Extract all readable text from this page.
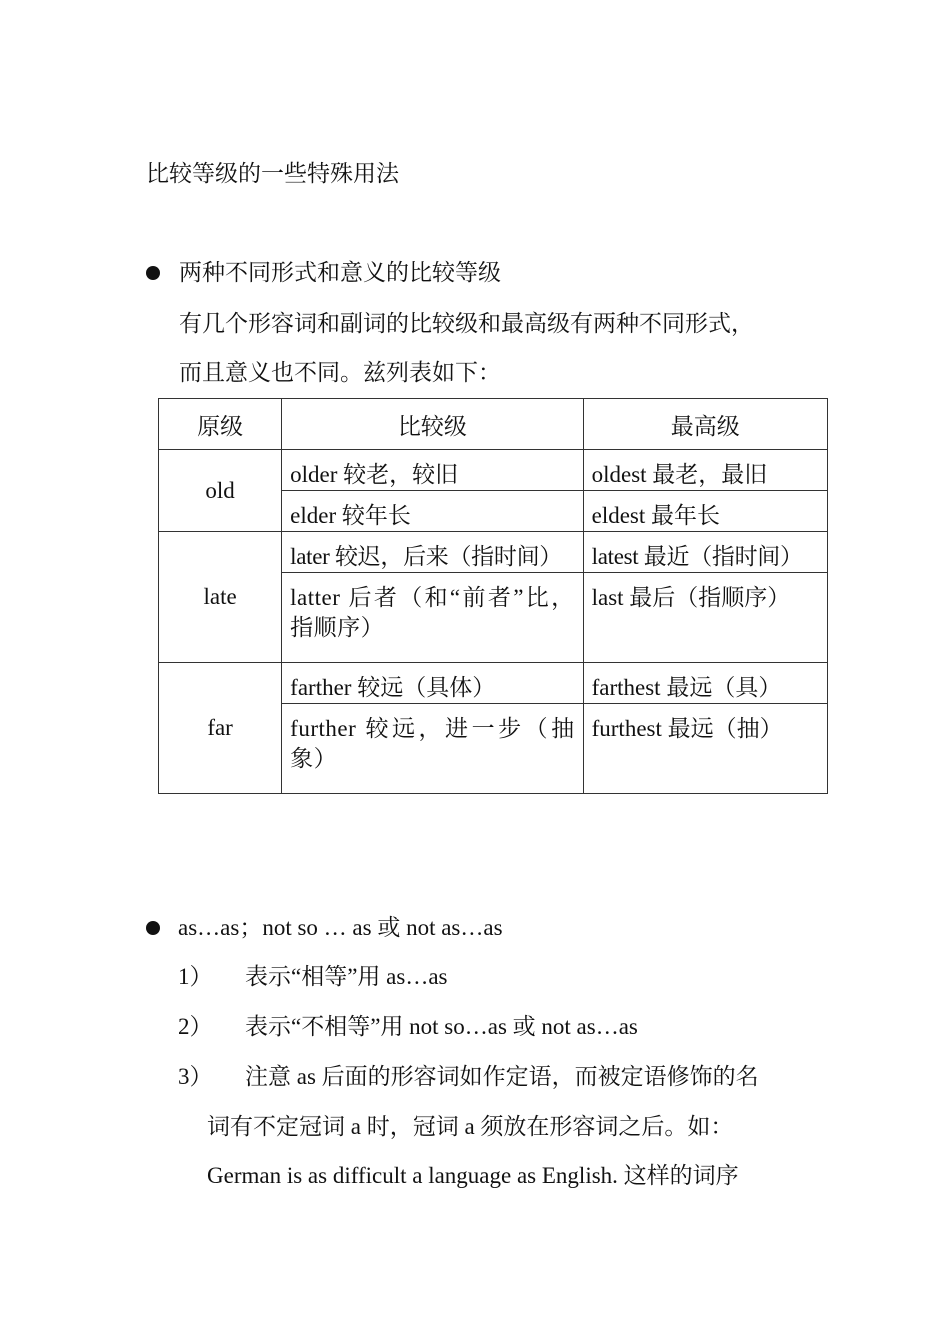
比较等级的一些特殊用法
两种不同形式和意义的比较等级
有几个形容词和副词的比较级和最高级有两种不同形式，
而且意义也不同。兹列表如下：
原级	比较级	最高级
old	older 较老，较旧	oldest 最老，最旧
	elder 较年长	eldest 最年长
late	later 较迟，后来（指时间）	latest 最近（指时间）
	latter 后者（和“前者”比，指顺序）	last 最后（指顺序）
far	farther 较远（具体）	farthest 最远（具）
	further 较远，进一步（抽象）	furthest 最远（抽）
as…as；not so … as 或 not as…as
1） 表示“相等”用 as…as
2） 表示“不相等”用 not so…as 或 not as…as
3） 注意 as 后面的形容词如作定语，而被定语修饰的名
词有不定冠词 a 时，冠词 a 须放在形容词之后。如：
German is as difficult a language as English. 这样的词序
